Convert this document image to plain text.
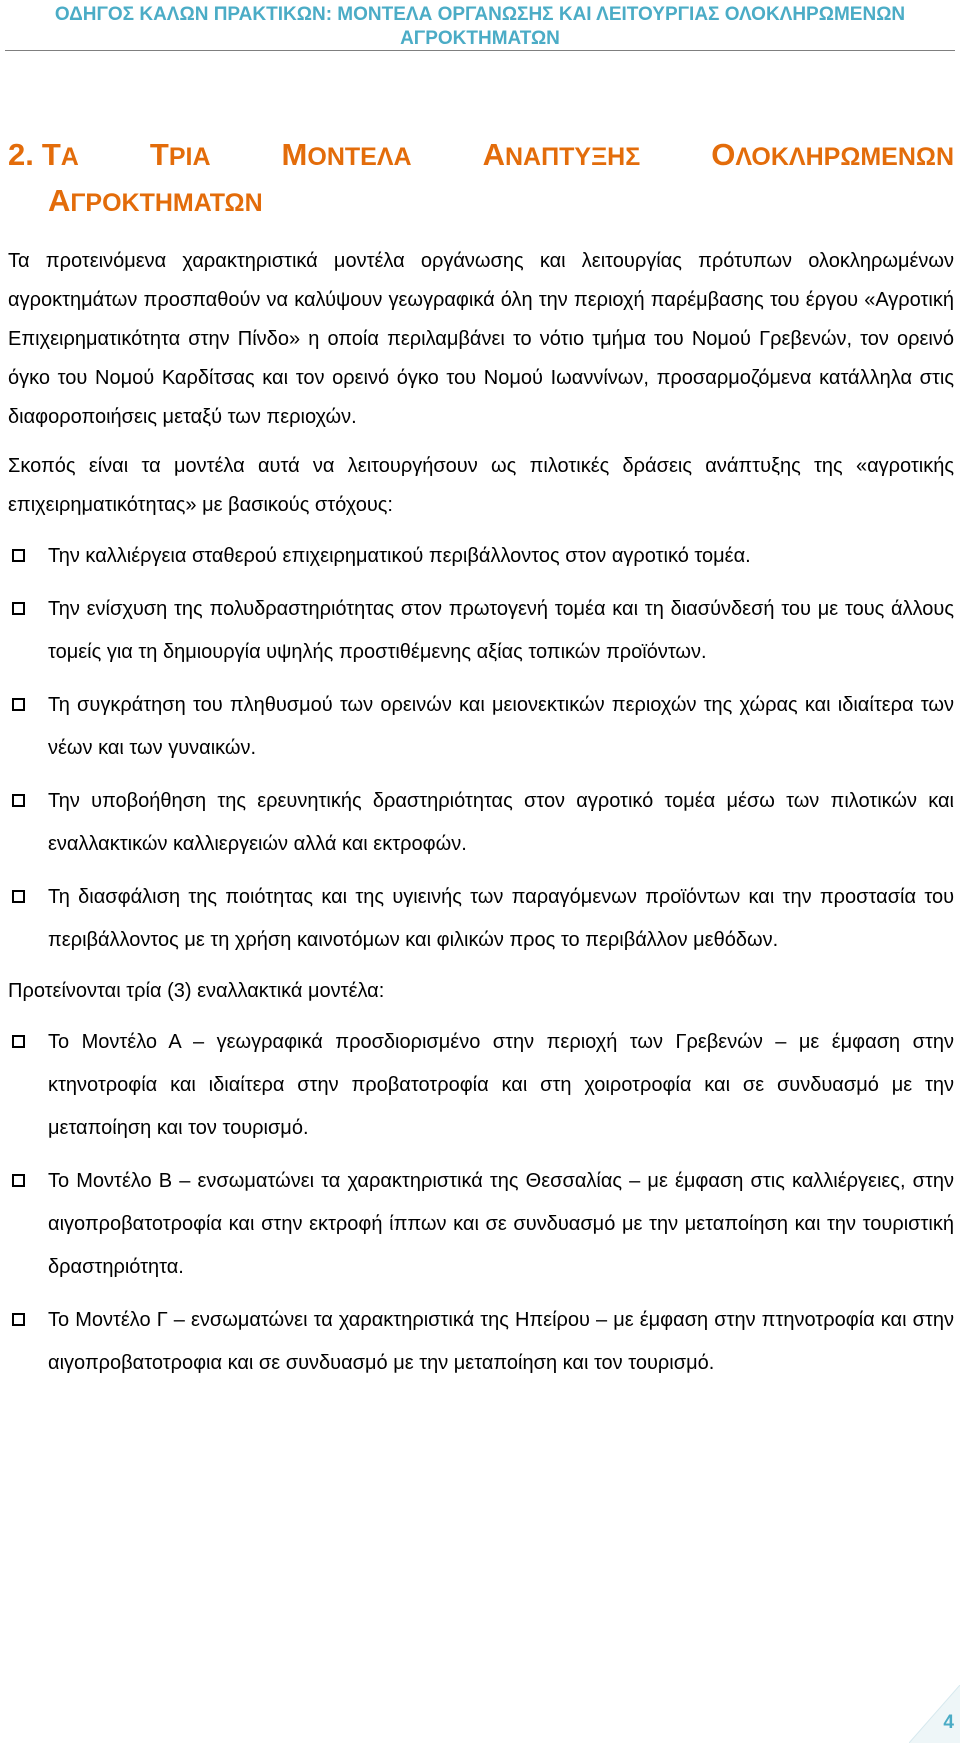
ΟΔΗΓΟΣ ΚΑΛΩΝ ΠΡΑΚΤΙΚΩΝ: ΜΟΝΤΕΛΑ ΟΡΓΑΝΩΣΗΣ ΚΑΙ ΛΕΙΤΟΥΡΓΙΑΣ ΟΛΟΚΛΗΡΩΜΕΝΩΝ
ΑΓΡΟΚΤΗΜΑΤΩΝ
2. ΤΑ ΤΡΙΑ ΜΟΝΤΕΛΑ ΑΝΑΠΤΥΞΗΣ ΟΛΟΚΛΗΡΩΜΕΝΩΝ ΑΓΡΟΚΤΗΜΑΤΩΝ

Τα προτεινόμενα χαρακτηριστικά μοντέλα οργάνωσης και λειτουργίας πρότυπων ολοκληρωμένων αγροκτημάτων προσπαθούν να καλύψουν γεωγραφικά όλη την περιοχή παρέμβασης του έργου «Αγροτική Επιχειρηματικότητα στην Πίνδο» η οποία περιλαμβάνει το νότιο τμήμα του Νομού Γρεβενών, τον ορεινό όγκο του Νομού Καρδίτσας και τον ορεινό όγκο του Νομού Ιωαννίνων, προσαρμοζόμενα κατάλληλα στις διαφοροποιήσεις μεταξύ των περιοχών.

Σκοπός είναι τα μοντέλα αυτά να λειτουργήσουν ως πιλοτικές δράσεις ανάπτυξης της «αγροτικής επιχειρηματικότητας» με βασικούς στόχους:

Την καλλιέργεια σταθερού επιχειρηματικού περιβάλλοντος στον αγροτικό τομέα.
Την ενίσχυση της πολυδραστηριότητας στον πρωτογενή τομέα και τη διασύνδεσή του με τους άλλους τομείς για τη δημιουργία υψηλής προστιθέμενης αξίας τοπικών προϊόντων.
Τη συγκράτηση του πληθυσμού των ορεινών και μειονεκτικών περιοχών της χώρας και ιδιαίτερα των νέων και των γυναικών.
Την υποβοήθηση της ερευνητικής δραστηριότητας στον αγροτικό τομέα μέσω των πιλοτικών και εναλλακτικών καλλιεργειών αλλά και εκτροφών.
Τη διασφάλιση της ποιότητας και της υγιεινής των παραγόμενων προϊόντων και την προστασία του περιβάλλοντος με τη χρήση καινοτόμων και φιλικών προς το περιβάλλον μεθόδων.

Προτείνονται τρία (3) εναλλακτικά μοντέλα:

Το Μοντέλο Α – γεωγραφικά προσδιορισμένο στην περιοχή των Γρεβενών – με έμφαση στην κτηνοτροφία και ιδιαίτερα στην προβατοτροφία και στη χοιροτροφία και σε συνδυασμό με την μεταποίηση και τον τουρισμό.
Το Μοντέλο Β – ενσωματώνει τα χαρακτηριστικά της Θεσσαλίας – με έμφαση στις καλλιέργειες, στην αιγοπροβατοτροφία και στην εκτροφή ίππων και σε συνδυασμό με την μεταποίηση και την τουριστική δραστηριότητα.
Το Μοντέλο Γ – ενσωματώνει τα χαρακτηριστικά της Ηπείρου – με έμφαση στην πτηνοτροφία και στην αιγοπροβατοτροφια και σε συνδυασμό με την μεταποίηση και τον τουρισμό.
4
